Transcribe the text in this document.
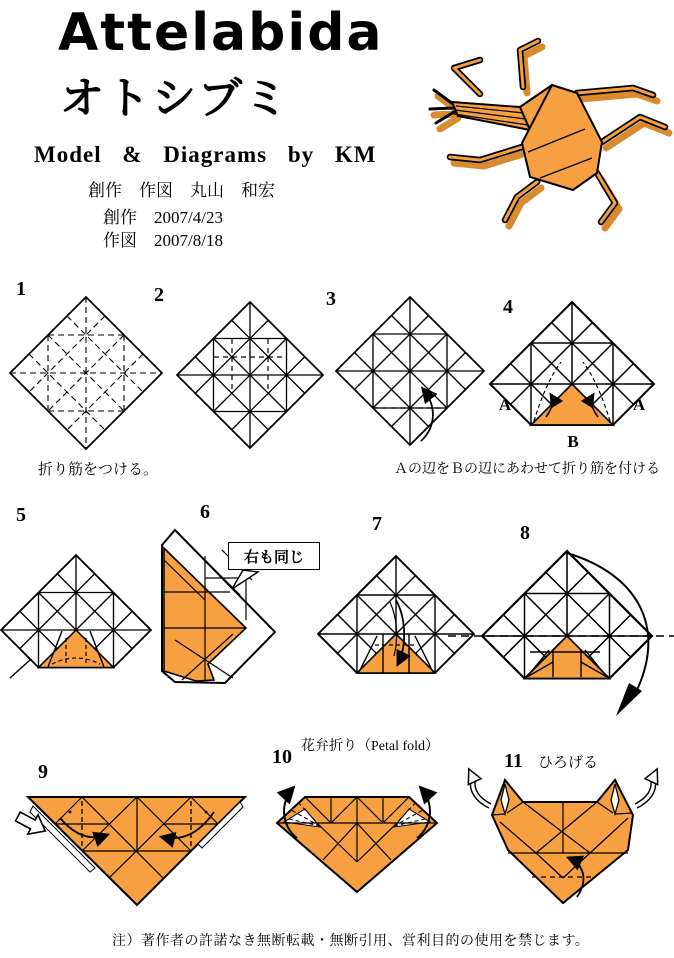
A	A
B
Attelabida
オトシブミ
Model & Diagrams by KM
創作　作図　丸山　和宏
創作　2007/4/23
作図　2007/8/18
1	2	3	4
5	6
7	8
9
10	11
折り筋をつける。	Ａの辺をＢの辺にあわせて折り筋を付ける
花弁折り（Petal fold）
ひろげる
右も同じ
注）著作者の許諾なき無断転載・無断引用、営利目的の使用を禁じます。
